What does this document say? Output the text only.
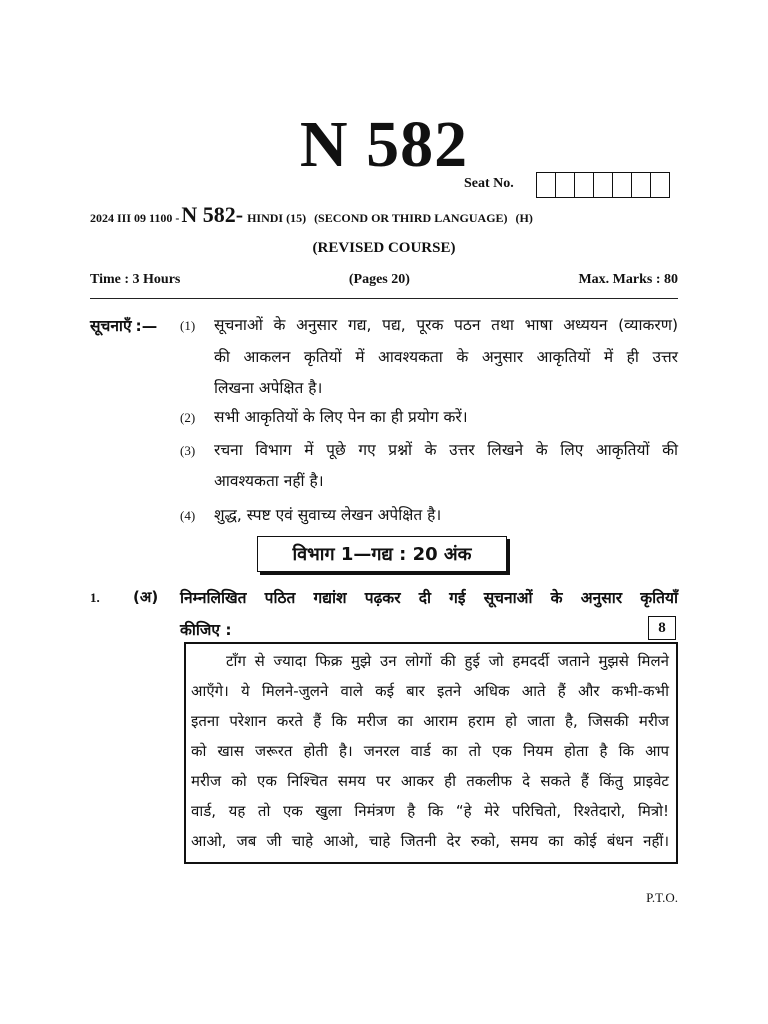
N 582
Seat No.
2024 III 09 1100 - N 582- HINDI (15) (SECOND OR THIRD LANGUAGE) (H)
(REVISED COURSE)
Time : 3 Hours	(Pages 20)	Max. Marks : 80
सूचनाएँ :— (1) सूचनाओं के अनुसार गद्य, पद्य, पूरक पठन तथा भाषा अध्ययन (व्याकरण)
की आकलन कृतियों में आवश्यकता के अनुसार आकृतियों में ही उत्तर
लिखना अपेक्षित है।
(2) सभी आकृतियों के लिए पेन का ही प्रयोग करें।
(3) रचना विभाग में पूछे गए प्रश्नों के उत्तर लिखने के लिए आकृतियों की
आवश्यकता नहीं है।
(4) शुद्ध, स्पष्ट एवं सुवाच्य लेखन अपेक्षित है।
विभाग 1—गद्य : 20 अंक
1. (अ) निम्नलिखित पठित गद्यांश पढ़कर दी गई सूचनाओं के अनुसार कृतियाँ
कीजिए :	8
टाँग से ज्यादा फिक्र मुझे उन लोगों की हुई जो हमदर्दी जताने मुझसे मिलने
आएँगे। ये मिलने-जुलने वाले कई बार इतने अधिक आते हैं और कभी-कभी
इतना परेशान करते हैं कि मरीज का आराम हराम हो जाता है, जिसकी मरीज
को खास जरूरत होती है। जनरल वार्ड का तो एक नियम होता है कि आप
मरीज को एक निश्चित समय पर आकर ही तकलीफ दे सकते हैं किंतु प्राइवेट
वार्ड, यह तो एक खुला निमंत्रण है कि “हे मेरे परिचितो, रिश्तेदारो, मित्रो!
आओ, जब जी चाहे आओ, चाहे जितनी देर रुको, समय का कोई बंधन नहीं।
P.T.O.
